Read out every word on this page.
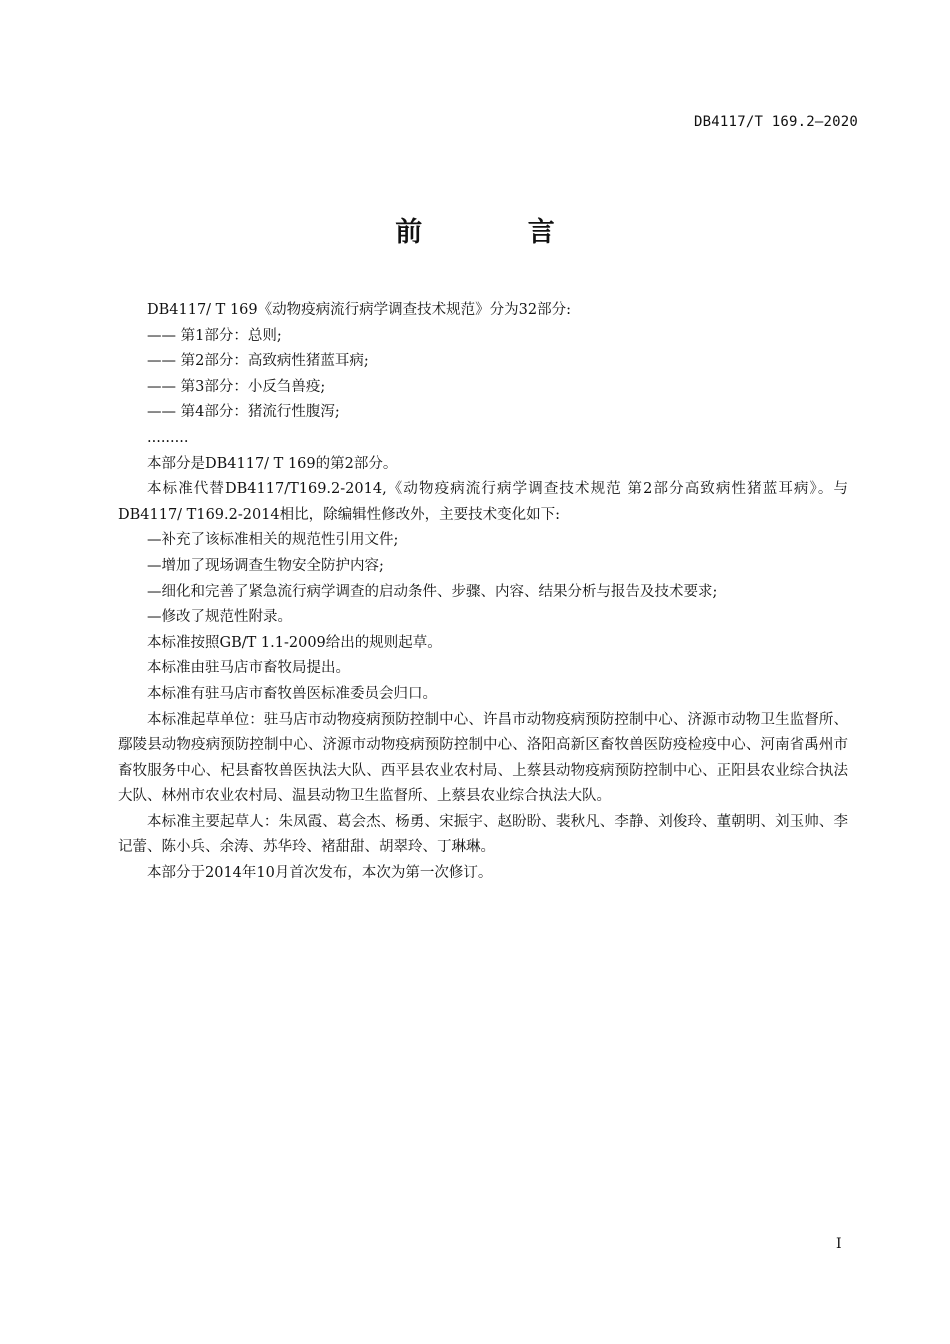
DB4117/T 169.2—2020
前 言

DB4117/ T 169《动物疫病流行病学调查技术规范》分为32部分:

—— 第1部分：总则;

—— 第2部分：高致病性猪蓝耳病;

—— 第3部分：小反刍兽疫;

—— 第4部分：猪流行性腹泻;

.........

本部分是DB4117/ T 169的第2部分。

本标准代替DB4117/T169.2-2014,《动物疫病流行病学调查技术规范 第2部分高致病性猪蓝耳病》。与DB4117/ T169.2-2014相比，除编辑性修改外，主要技术变化如下:

—补充了该标准相关的规范性引用文件;

—增加了现场调查生物安全防护内容;

—细化和完善了紧急流行病学调查的启动条件、步骤、内容、结果分析与报告及技术要求;

—修改了规范性附录。

本标准按照GB/T 1.1-2009给出的规则起草。

本标准由驻马店市畜牧局提出。

本标准有驻马店市畜牧兽医标准委员会归口。

本标准起草单位：驻马店市动物疫病预防控制中心、许昌市动物疫病预防控制中心、济源市动物卫生监督所、鄢陵县动物疫病预防控制中心、济源市动物疫病预防控制中心、洛阳高新区畜牧兽医防疫检疫中心、河南省禹州市畜牧服务中心、杞县畜牧兽医执法大队、西平县农业农村局、上蔡县动物疫病预防控制中心、正阳县农业综合执法大队、林州市农业农村局、温县动物卫生监督所、上蔡县农业综合执法大队。

本标准主要起草人：朱凤霞、葛会杰、杨勇、宋振宇、赵盼盼、裴秋凡、李静、刘俊玲、董朝明、刘玉帅、李记蕾、陈小兵、余涛、苏华玲、褚甜甜、胡翠玲、丁琳琳。

本部分于2014年10月首次发布，本次为第一次修订。

I
